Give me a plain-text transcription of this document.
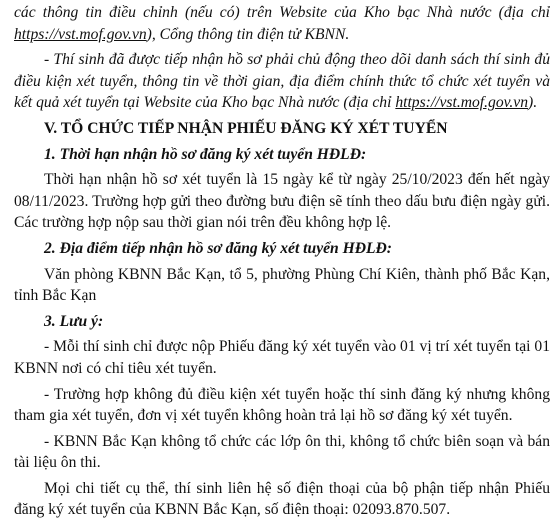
các thông tin điều chỉnh (nếu có) trên Website của Kho bạc Nhà nước (địa chỉ https://vst.mof.gov.vn), Cổng thông tin điện tử KBNN.

- Thí sinh đã được tiếp nhận hồ sơ phải chủ động theo dõi danh sách thí sinh đủ điều kiện xét tuyển, thông tin về thời gian, địa điểm chính thức tổ chức xét tuyển và kết quả xét tuyển tại Website của Kho bạc Nhà nước (địa chỉ https://vst.mof.gov.vn).

V. TỔ CHỨC TIẾP NHẬN PHIẾU ĐĂNG KÝ XÉT TUYỂN

1. Thời hạn nhận hồ sơ đăng ký xét tuyển HĐLĐ:

Thời hạn nhận hồ sơ xét tuyển là 15 ngày kể từ ngày 25/10/2023 đến hết ngày 08/11/2023. Trường hợp gửi theo đường bưu điện sẽ tính theo dấu bưu điện ngày gửi. Các trường hợp nộp sau thời gian nói trên đều không hợp lệ.

2. Địa điểm tiếp nhận hồ sơ đăng ký xét tuyển HĐLĐ:

Văn phòng KBNN Bắc Kạn, tổ 5, phường Phùng Chí Kiên, thành phố Bắc Kạn, tỉnh Bắc Kạn

3. Lưu ý:

- Mỗi thí sinh chỉ được nộp Phiếu đăng ký xét tuyển vào 01 vị trí xét tuyển tại 01 KBNN nơi có chỉ tiêu xét tuyển.

- Trường hợp không đủ điều kiện xét tuyển hoặc thí sinh đăng ký nhưng không tham gia xét tuyển, đơn vị xét tuyển không hoàn trả lại hồ sơ đăng ký xét tuyển.

- KBNN Bắc Kạn không tổ chức các lớp ôn thi, không tổ chức biên soạn và bán tài liệu ôn thi.

Mọi chi tiết cụ thể, thí sinh liên hệ số điện thoại của bộ phận tiếp nhận Phiếu đăng ký xét tuyển của KBNN Bắc Kạn, số điện thoại: 02093.870.507.
